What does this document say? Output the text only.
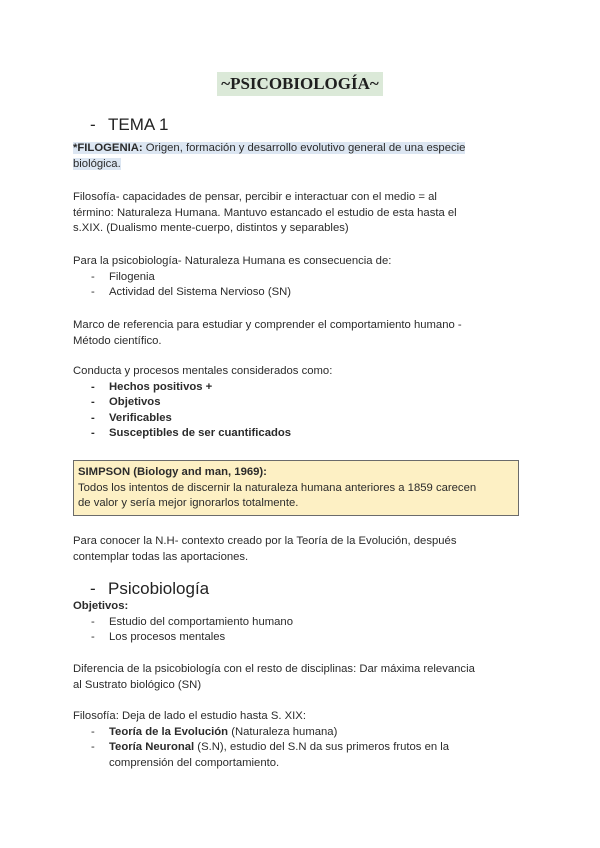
~PSICOBIOLOGÍA~
- TEMA 1
*FILOGENIA: Origen, formación y desarrollo evolutivo general de una especie
biológica.
Filosofía- capacidades de pensar, percibir e interactuar con el medio = al
término: Naturaleza Humana. Mantuvo estancado el estudio de esta hasta el
s.XIX. (Dualismo mente-cuerpo, distintos y separables)
Para la psicobiología- Naturaleza Humana es consecuencia de:
- Filogenia
- Actividad del Sistema Nervioso (SN)
Marco de referencia para estudiar y comprender el comportamiento humano -
Método científico.
Conducta y procesos mentales considerados como:
- Hechos positivos +
- Objetivos
- Verificables
- Susceptibles de ser cuantificados
SIMPSON (Biology and man, 1969):
Todos los intentos de discernir la naturaleza humana anteriores a 1859 carecen
de valor y sería mejor ignorarlos totalmente.
Para conocer la N.H- contexto creado por la Teoría de la Evolución, después
contemplar todas las aportaciones.
- Psicobiología
Objetivos:
- Estudio del comportamiento humano
- Los procesos mentales
Diferencia de la psicobiología con el resto de disciplinas: Dar máxima relevancia
al Sustrato biológico (SN)
Filosofía: Deja de lado el estudio hasta S. XIX:
- Teoría de la Evolución (Naturaleza humana)
- Teoría Neuronal (S.N), estudio del S.N da sus primeros frutos en la
comprensión del comportamiento.
